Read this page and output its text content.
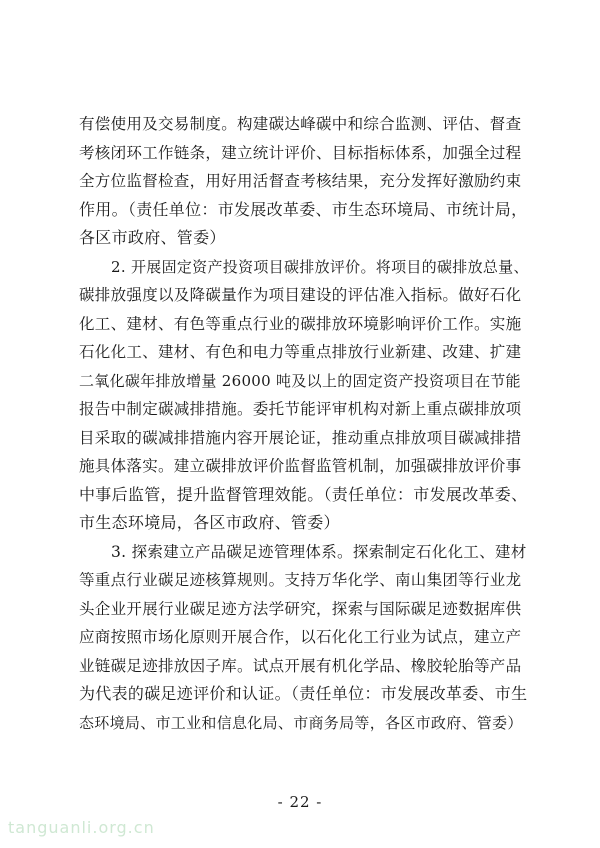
有偿使用及交易制度。构建碳达峰碳中和综合监测、评估、督查
考核闭环工作链条，建立统计评价、目标指标体系，加强全过程
全方位监督检查，用好用活督查考核结果，充分发挥好激励约束
作用。（责任单位：市发展改革委、市生态环境局、市统计局，
各区市政府、管委）
2. 开展固定资产投资项目碳排放评价。将项目的碳排放总量、
碳排放强度以及降碳量作为项目建设的评估准入指标。做好石化
化工、建材、有色等重点行业的碳排放环境影响评价工作。实施
石化化工、建材、有色和电力等重点排放行业新建、改建、扩建
二氧化碳年排放增量 26000 吨及以上的固定资产投资项目在节能
报告中制定碳减排措施。委托节能评审机构对新上重点碳排放项
目采取的碳减排措施内容开展论证，推动重点排放项目碳减排措
施具体落实。建立碳排放评价监督监管机制，加强碳排放评价事
中事后监管，提升监督管理效能。（责任单位：市发展改革委、
市生态环境局，各区市政府、管委）
3. 探索建立产品碳足迹管理体系。探索制定石化化工、建材
等重点行业碳足迹核算规则。支持万华化学、南山集团等行业龙
头企业开展行业碳足迹方法学研究，探索与国际碳足迹数据库供
应商按照市场化原则开展合作，以石化化工行业为试点，建立产
业链碳足迹排放因子库。试点开展有机化学品、橡胶轮胎等产品
为代表的碳足迹评价和认证。（责任单位：市发展改革委、市生
态环境局、市工业和信息化局、市商务局等，各区市政府、管委）
- 22 -
tanguanli.org.cn
